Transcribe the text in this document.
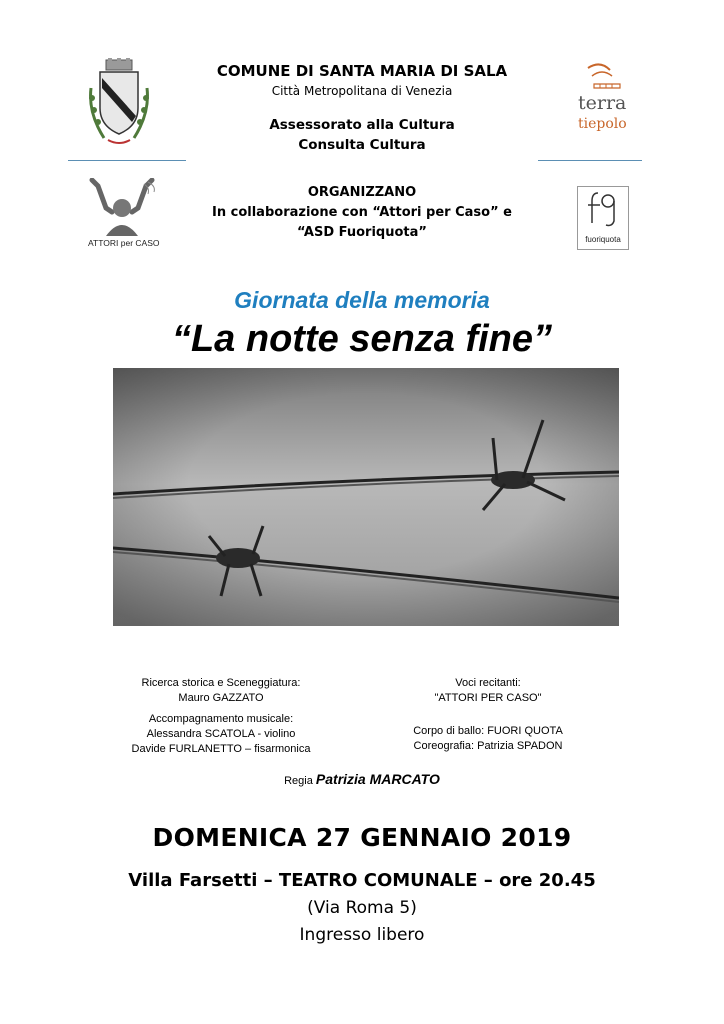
COMUNE DI SANTA MARIA DI SALA
Città Metropolitana di Venezia
Assessorato alla Cultura
Consulta Cultura
terra
tiepolo
ATTORI per CASO
ORGANIZZANO
In collaborazione con “Attori per Caso” e
“ASD Fuoriquota”	fuoriquota
Giornata della memoria
“La notte senza fine”
Ricerca storica e Sceneggiatura:
Mauro GAZZATO
Accompagnamento musicale:
Alessandra SCATOLA - violino
Davide FURLANETTO – fisarmonica
Voci recitanti:
"ATTORI PER CASO"
Corpo di ballo: FUORI QUOTA
Coreografia: Patrizia SPADON
Regia Patrizia MARCATO
DOMENICA 27 GENNAIO 2019
Villa Farsetti – TEATRO COMUNALE – ore 20.45
(Via Roma 5)
Ingresso libero
